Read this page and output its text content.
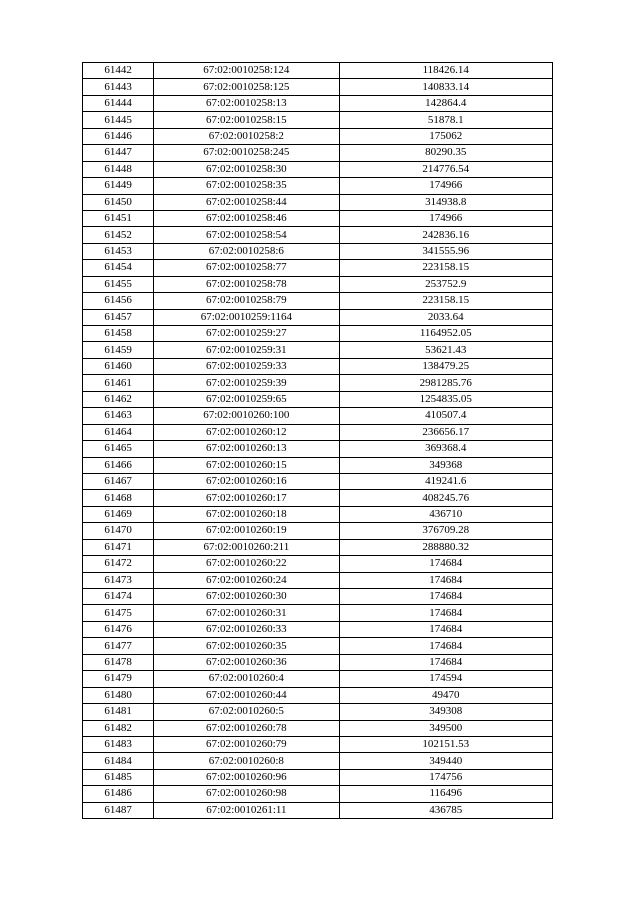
61442	67:02:0010258:124	118426.14
61443	67:02:0010258:125	140833.14
61444	67:02:0010258:13	142864.4
61445	67:02:0010258:15	51878.1
61446	67:02:0010258:2	175062
61447	67:02:0010258:245	80290.35
61448	67:02:0010258:30	214776.54
61449	67:02:0010258:35	174966
61450	67:02:0010258:44	314938.8
61451	67:02:0010258:46	174966
61452	67:02:0010258:54	242836.16
61453	67:02:0010258:6	341555.96
61454	67:02:0010258:77	223158.15
61455	67:02:0010258:78	253752.9
61456	67:02:0010258:79	223158.15
61457	67:02:0010259:1164	2033.64
61458	67:02:0010259:27	1164952.05
61459	67:02:0010259:31	53621.43
61460	67:02:0010259:33	138479.25
61461	67:02:0010259:39	2981285.76
61462	67:02:0010259:65	1254835.05
61463	67:02:0010260:100	410507.4
61464	67:02:0010260:12	236656.17
61465	67:02:0010260:13	369368.4
61466	67:02:0010260:15	349368
61467	67:02:0010260:16	419241.6
61468	67:02:0010260:17	408245.76
61469	67:02:0010260:18	436710
61470	67:02:0010260:19	376709.28
61471	67:02:0010260:211	288880.32
61472	67:02:0010260:22	174684
61473	67:02:0010260:24	174684
61474	67:02:0010260:30	174684
61475	67:02:0010260:31	174684
61476	67:02:0010260:33	174684
61477	67:02:0010260:35	174684
61478	67:02:0010260:36	174684
61479	67:02:0010260:4	174594
61480	67:02:0010260:44	49470
61481	67:02:0010260:5	349308
61482	67:02:0010260:78	349500
61483	67:02:0010260:79	102151.53
61484	67:02:0010260:8	349440
61485	67:02:0010260:96	174756
61486	67:02:0010260:98	116496
61487	67:02:0010261:11	436785
